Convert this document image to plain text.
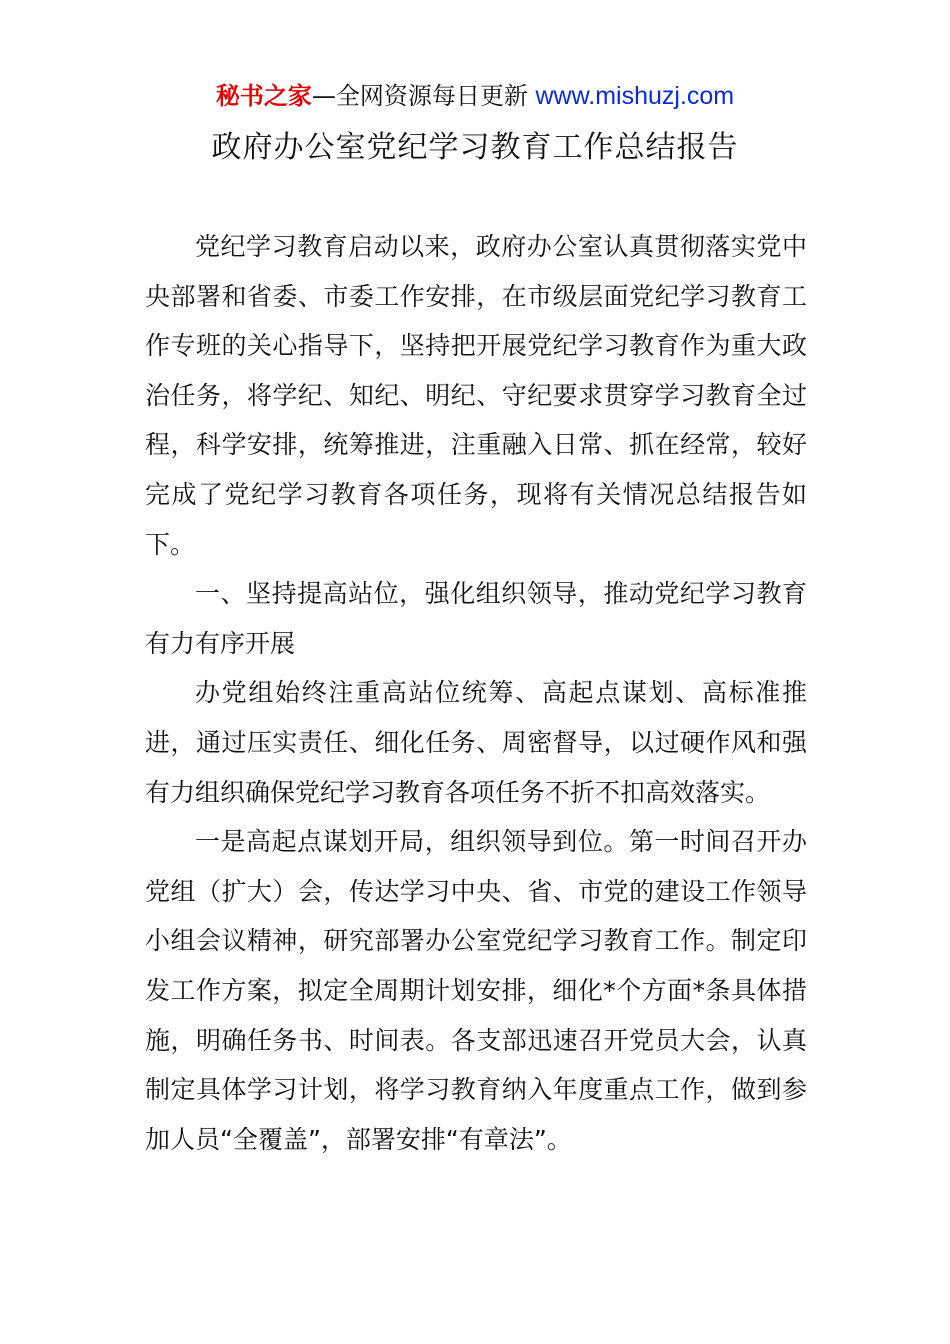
秘书之家—全网资源每日更新 www.mishuzj.com
政府办公室党纪学习教育工作总结报告

党纪学习教育启动以来，政府办公室认真贯彻落实党中央部署和省委、市委工作安排，在市级层面党纪学习教育工作专班的关心指导下，坚持把开展党纪学习教育作为重大政治任务，将学纪、知纪、明纪、守纪要求贯穿学习教育全过程，科学安排，统筹推进，注重融入日常、抓在经常，较好完成了党纪学习教育各项任务，现将有关情况总结报告如下。

一、坚持提高站位，强化组织领导，推动党纪学习教育有力有序开展

办党组始终注重高站位统筹、高起点谋划、高标准推进，通过压实责任、细化任务、周密督导，以过硬作风和强有力组织确保党纪学习教育各项任务不折不扣高效落实。

一是高起点谋划开局，组织领导到位。第一时间召开办党组（扩大）会，传达学习中央、省、市党的建设工作领导小组会议精神，研究部署办公室党纪学习教育工作。制定印发工作方案，拟定全周期计划安排，细化*个方面*条具体措施，明确任务书、时间表。各支部迅速召开党员大会，认真制定具体学习计划，将学习教育纳入年度重点工作，做到参加人员“全覆盖”，部署安排“有章法”。
